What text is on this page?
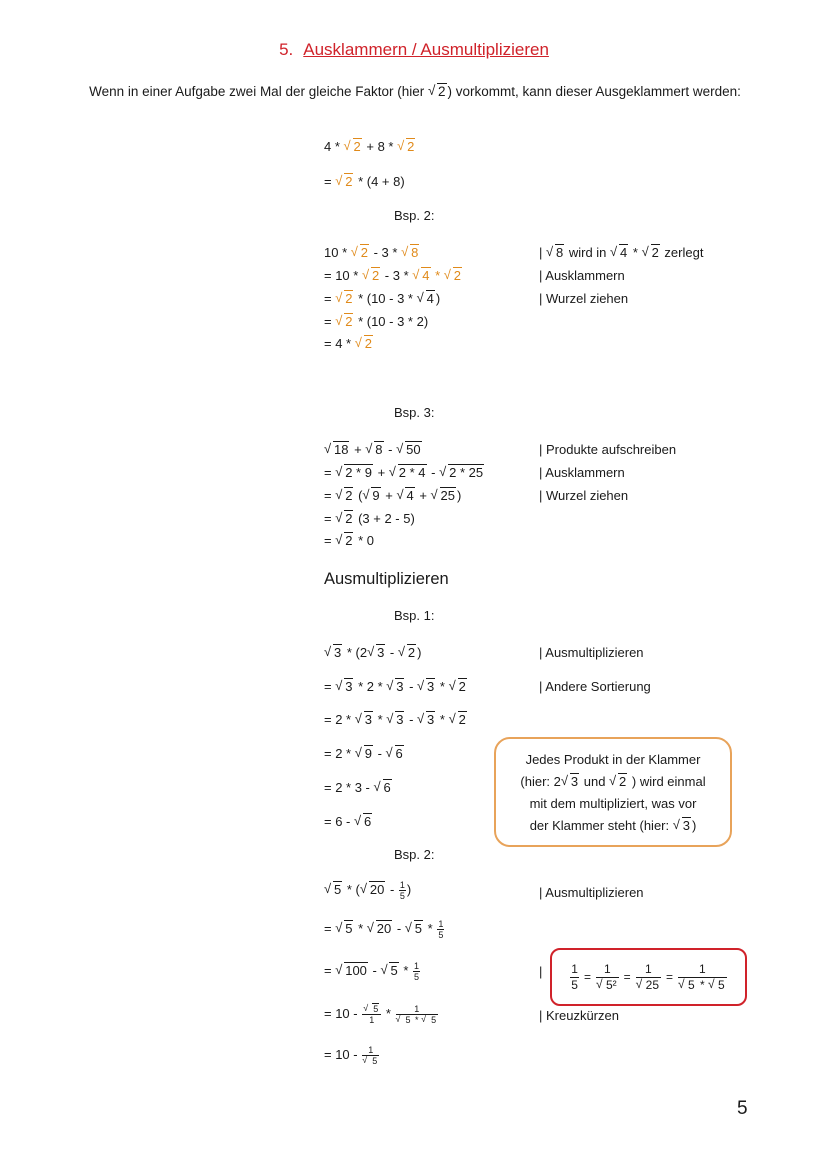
5. Ausklammern / Ausmultiplizieren
Wenn in einer Aufgabe zwei Mal der gleiche Faktor (hier √ 2 ) vorkommt, kann dieser Ausgeklammert werden:
4 * √ 2 + 8 * √ 2
= √ 2 * (4 + 8)
Bsp. 2:
10 * √ 2 - 3 * √ 8
= 10 * √ 2 - 3 * √ 4 * √ 2
= √ 2 * (10 - 3 * √ 4 )
= √ 2 * (10 - 3 * 2)
= 4 * √ 2
| √ 8 wird in √ 4 * √ 2 zerlegt
| Ausklammern
| Wurzel ziehen
Bsp. 3:
√ 18 + √ 8 - √ 50
= √ 2 * 9 + √ 2 * 4 - √ 2 * 25
= √ 2 ( √ 9 + √ 4 + √ 25 )
= √ 2 (3 + 2 - 5)
= √ 2 * 0
| Produkte aufschreiben
| Ausklammern
| Wurzel ziehen
Ausmultiplizieren
Bsp. 1:
√ 3 * (2 √ 3 - √ 2 )
= √ 3 * 2 * √ 3 - √ 3 * √ 2
= 2 * √ 3 * √ 3 - √ 3 * √ 2
= 2 * √ 9 - √ 6
= 2 * 3 - √ 6
= 6 - √ 6
| Ausmultiplizieren
| Andere Sortierung
Jedes Produkt in der Klammer
(hier: 2 √ 3 und √ 2 ) wird einmal
mit dem multipliziert, was vor
der Klammer steht (hier: √ 3 )
Bsp. 2:
√ 5 * ( √ $20 - \frac{1}{5}$ )
= √ 5 * √ 20 - √ $5 * \frac{1}{5}$
= √ 100 - √ $5 * \frac{1}{5}$
= 10 - √ $\frac{5}{1} * 1$
√ 5 * √ 5
= 10 - 1
√ 5
| Ausmultiplizieren
|
| Kreuzkürzen
$\frac{1}{5} = 1$
√ 5² = 1
√ 25 = 1
√ 5 * √ 5
5
